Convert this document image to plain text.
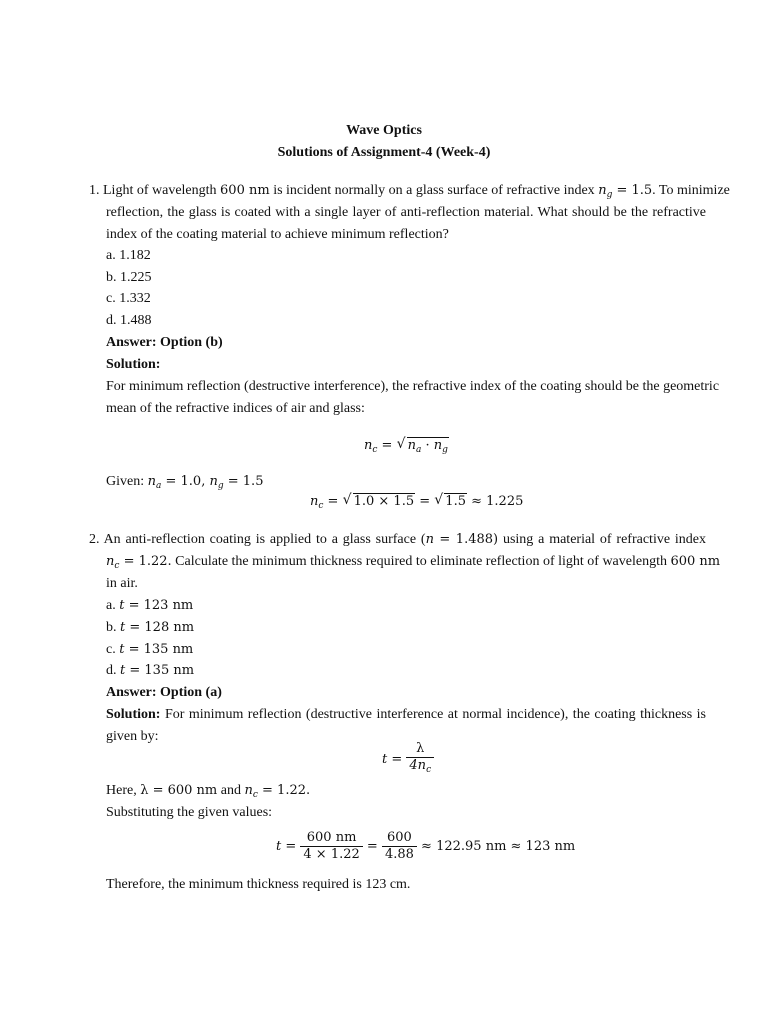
Wave Optics
Solutions of Assignment-4 (Week-4)
1. Light of wavelength 600 nm is incident normally on a glass surface of refractive index $n_g = 1.5$. To minimize
reflection, the glass is coated with a single layer of anti-reflection material. What should be the refractive
index of the coating material to achieve minimum reflection?
a. 1.182
b. 1.225
c. 1.332
d. 1.488
Answer: Option (b)
Solution:
For minimum reflection (destructive interference), the refractive index of the coating should be the geometric
mean of the refractive indices of air and glass:
$n_c$ = √ $n_a \cdot n_g$
Given: $n_a = 1.0$, $n_g = 1.5$
$n_c$ = √ 1.0 × 1.5 = √ 1.5 ≈ 1.225
2. An anti-reflection coating is applied to a glass surface (n = 1.488) using a material of refractive index
$n_c = 1.22$. Calculate the minimum thickness required to eliminate reflection of light of wavelength 600 nm
in air.
a. t = 123 nm
b. t = 128 nm
c. t = 135 nm
d. t = 135 nm
Answer: Option (a)
Solution: For minimum reflection (destructive interference at normal incidence), the coating thickness is
given by:
$t = \frac{\lambda}{4n_c}$
Here, λ = 600 nm and $n_c = 1.22$.
Substituting the given values:
$t = \frac{600 nm}{4 \times 1.22} = \frac{600}{4.88} \approx 122.95$ nm ≈ 123 nm
Therefore, the minimum thickness required is 123 cm.
